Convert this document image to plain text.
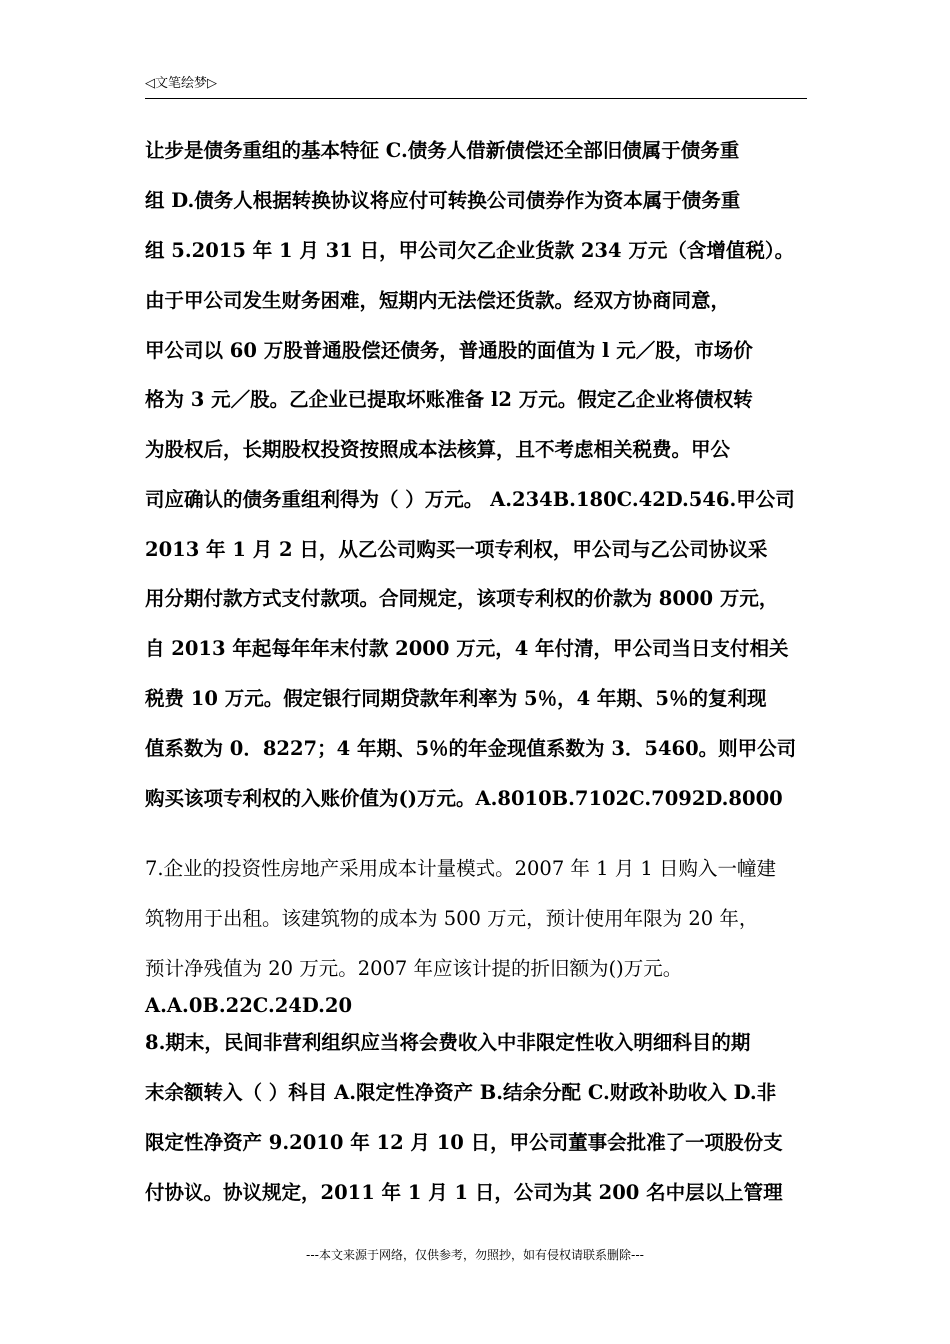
◁文笔绘梦▷
让步是债务重组的基本特征 C.债务人借新债偿还全部旧债属于债务重
组 D.债务人根据转换协议将应付可转换公司债券作为资本属于债务重
组 5.2015 年 1 月 31 日，甲公司欠乙企业货款 234 万元（含增值税）。
由于甲公司发生财务困难，短期内无法偿还货款。经双方协商同意，
甲公司以 60 万股普通股偿还债务，普通股的面值为 l 元／股，市场价
格为 3 元／股。乙企业已提取坏账准备 l2 万元。假定乙企业将债权转
为股权后，长期股权投资按照成本法核算，且不考虑相关税费。甲公
司应确认的债务重组利得为（ ）万元。 A.234B.180C.42D.546.甲公司
2013 年 1 月 2 日，从乙公司购买一项专利权，甲公司与乙公司协议采
用分期付款方式支付款项。合同规定，该项专利权的价款为 8000 万元，
自 2013 年起每年年末付款 2000 万元，4 年付清，甲公司当日支付相关
税费 10 万元。假定银行同期贷款年利率为 5％，4 年期、5％的复利现
值系数为 0．8227；4 年期、5％的年金现值系数为 3．5460。则甲公司
购买该项专利权的入账价值为()万元。A.8010B.7102C.7092D.8000
7.企业的投资性房地产采用成本计量模式。2007 年 1 月 1 日购入一幢建
筑物用于出租。该建筑物的成本为 500 万元，预计使用年限为 20 年，
预计净残值为 20 万元。2007 年应该计提的折旧额为()万元。
A.A.0B.22C.24D.20
8.期末，民间非营利组织应当将会费收入中非限定性收入明细科目的期
末余额转入（ ）科目 A.限定性净资产 B.结余分配 C.财政补助收入 D.非
限定性净资产 9.2010 年 12 月 10 日，甲公司董事会批准了一项股份支
付协议。协议规定，2011 年 1 月 1 日，公司为其 200 名中层以上管理
---本文来源于网络，仅供参考，勿照抄，如有侵权请联系删除---
